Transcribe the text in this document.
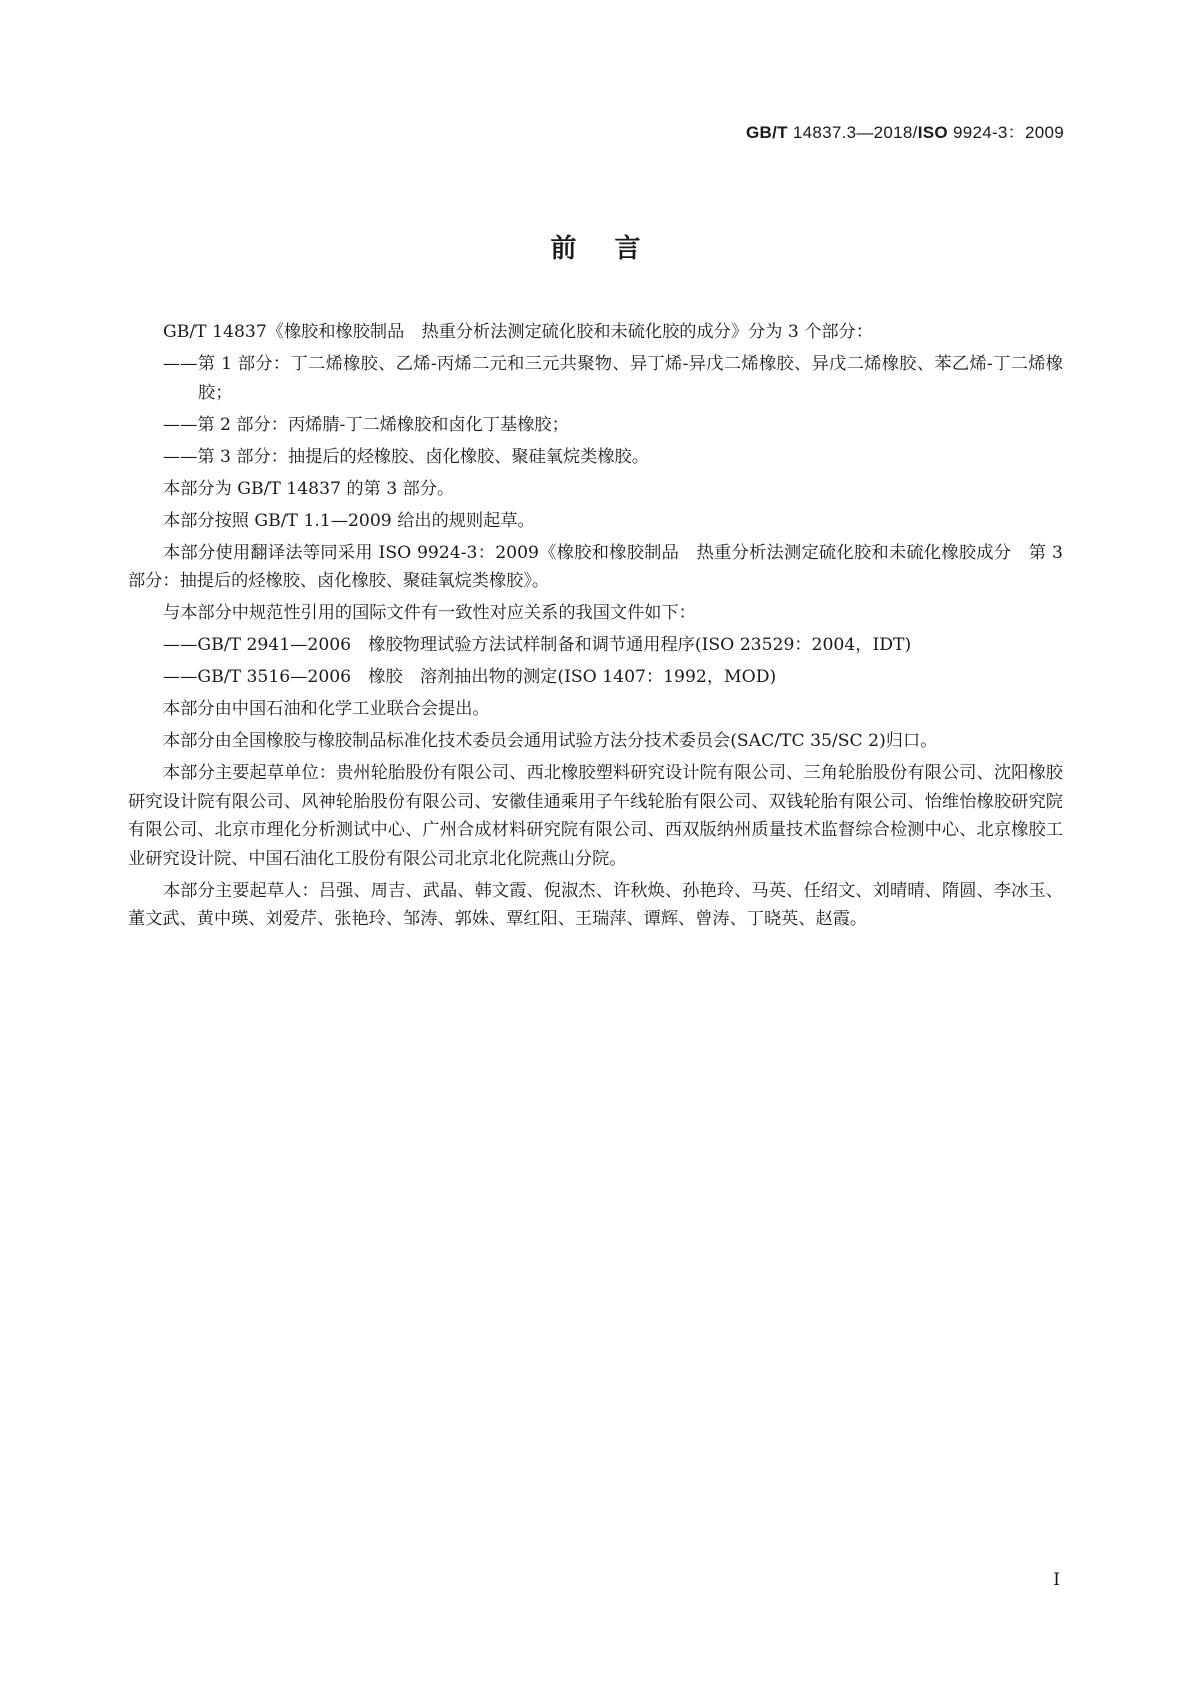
GB/T 14837.3—2018/ISO 9924-3：2009
前言

GB/T 14837《橡胶和橡胶制品　热重分析法测定硫化胶和未硫化胶的成分》分为 3 个部分：

——第 1 部分：丁二烯橡胶、乙烯-丙烯二元和三元共聚物、异丁烯-异戊二烯橡胶、异戊二烯橡胶、苯乙烯-丁二烯橡胶；

——第 2 部分：丙烯腈-丁二烯橡胶和卤化丁基橡胶；

——第 3 部分：抽提后的烃橡胶、卤化橡胶、聚硅氧烷类橡胶。

本部分为 GB/T 14837 的第 3 部分。

本部分按照 GB/T 1.1—2009 给出的规则起草。

本部分使用翻译法等同采用 ISO 9924-3：2009《橡胶和橡胶制品　热重分析法测定硫化胶和未硫化橡胶成分　第 3 部分：抽提后的烃橡胶、卤化橡胶、聚硅氧烷类橡胶》。

与本部分中规范性引用的国际文件有一致性对应关系的我国文件如下：

——GB/T 2941—2006　橡胶物理试验方法试样制备和调节通用程序(ISO 23529：2004，IDT)

——GB/T 3516—2006　橡胶　溶剂抽出物的测定(ISO 1407：1992，MOD)

本部分由中国石油和化学工业联合会提出。

本部分由全国橡胶与橡胶制品标准化技术委员会通用试验方法分技术委员会(SAC/TC 35/SC 2)归口。

本部分主要起草单位：贵州轮胎股份有限公司、西北橡胶塑料研究设计院有限公司、三角轮胎股份有限公司、沈阳橡胶研究设计院有限公司、风神轮胎股份有限公司、安徽佳通乘用子午线轮胎有限公司、双钱轮胎有限公司、怡维怡橡胶研究院有限公司、北京市理化分析测试中心、广州合成材料研究院有限公司、西双版纳州质量技术监督综合检测中心、北京橡胶工业研究设计院、中国石油化工股份有限公司北京北化院燕山分院。

本部分主要起草人：吕强、周吉、武晶、韩文霞、倪淑杰、许秋焕、孙艳玲、马英、任绍文、刘晴晴、隋圆、李冰玉、董文武、黄中瑛、刘爱芹、张艳玲、邹涛、郭姝、覃红阳、王瑞萍、谭辉、曾涛、丁晓英、赵霞。

I
